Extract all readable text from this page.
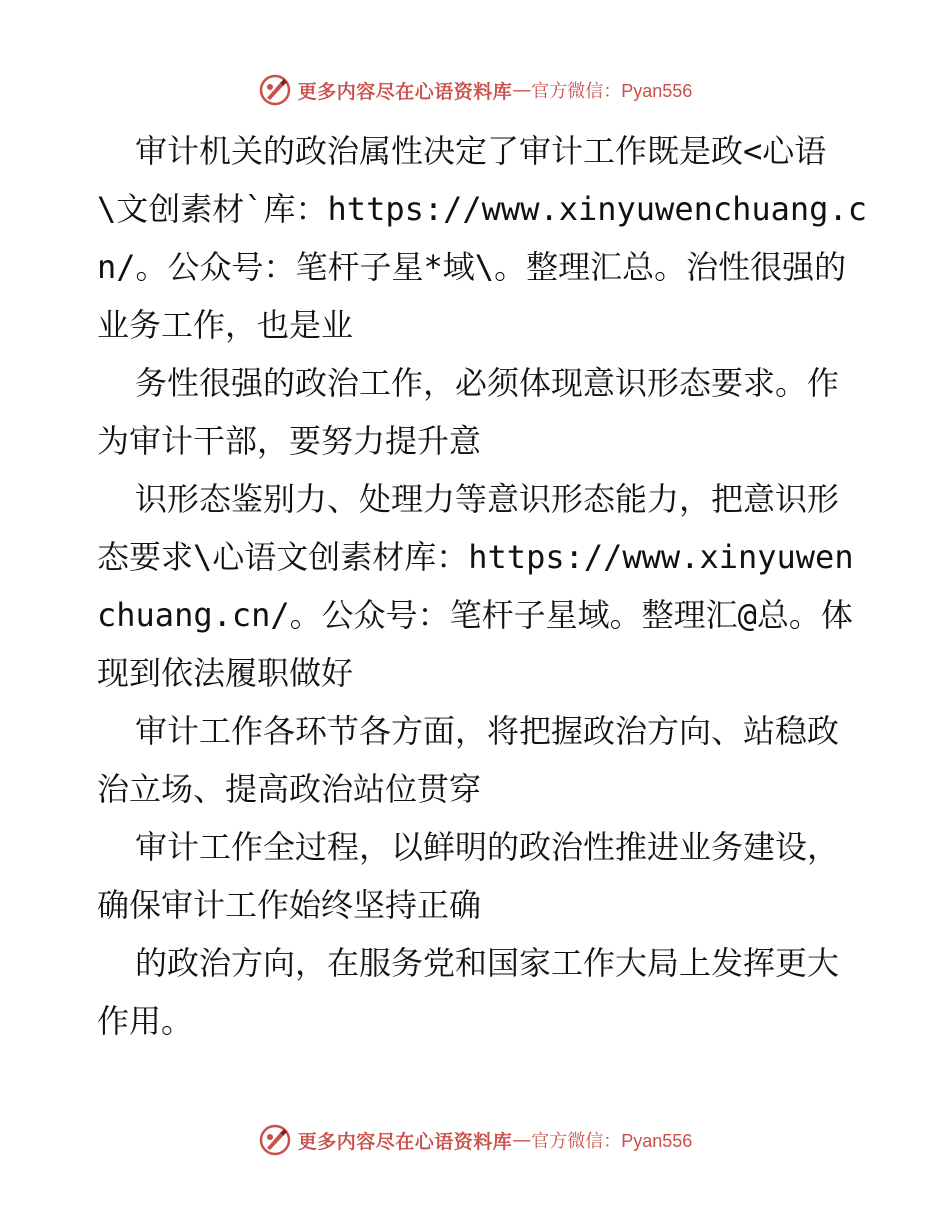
更多内容尽在心语资料库 — 官方微信：Pyan556

审计机关的政治属性决定了审计工作既是政<心语\文创素材`库：https://www.xinyuwenchuang.cn/。公众号：笔杆子星*域\。整理汇总。治性很强的业务工作，也是业

务性很强的政治工作，必须体现意识形态要求。作为审计干部，要努力提升意

识形态鉴别力、处理力等意识形态能力，把意识形态要求\心语文创素材库：https://www.xinyuwenchuang.cn/。公众号：笔杆子星域。整理汇@总。体现到依法履职做好

审计工作各环节各方面，将把握政治方向、站稳政治立场、提高政治站位贯穿

审计工作全过程，以鲜明的政治性推进业务建设，确保审计工作始终坚持正确

的政治方向，在服务党和国家工作大局上发挥更大作用。

更多内容尽在心语资料库 — 官方微信：Pyan556
